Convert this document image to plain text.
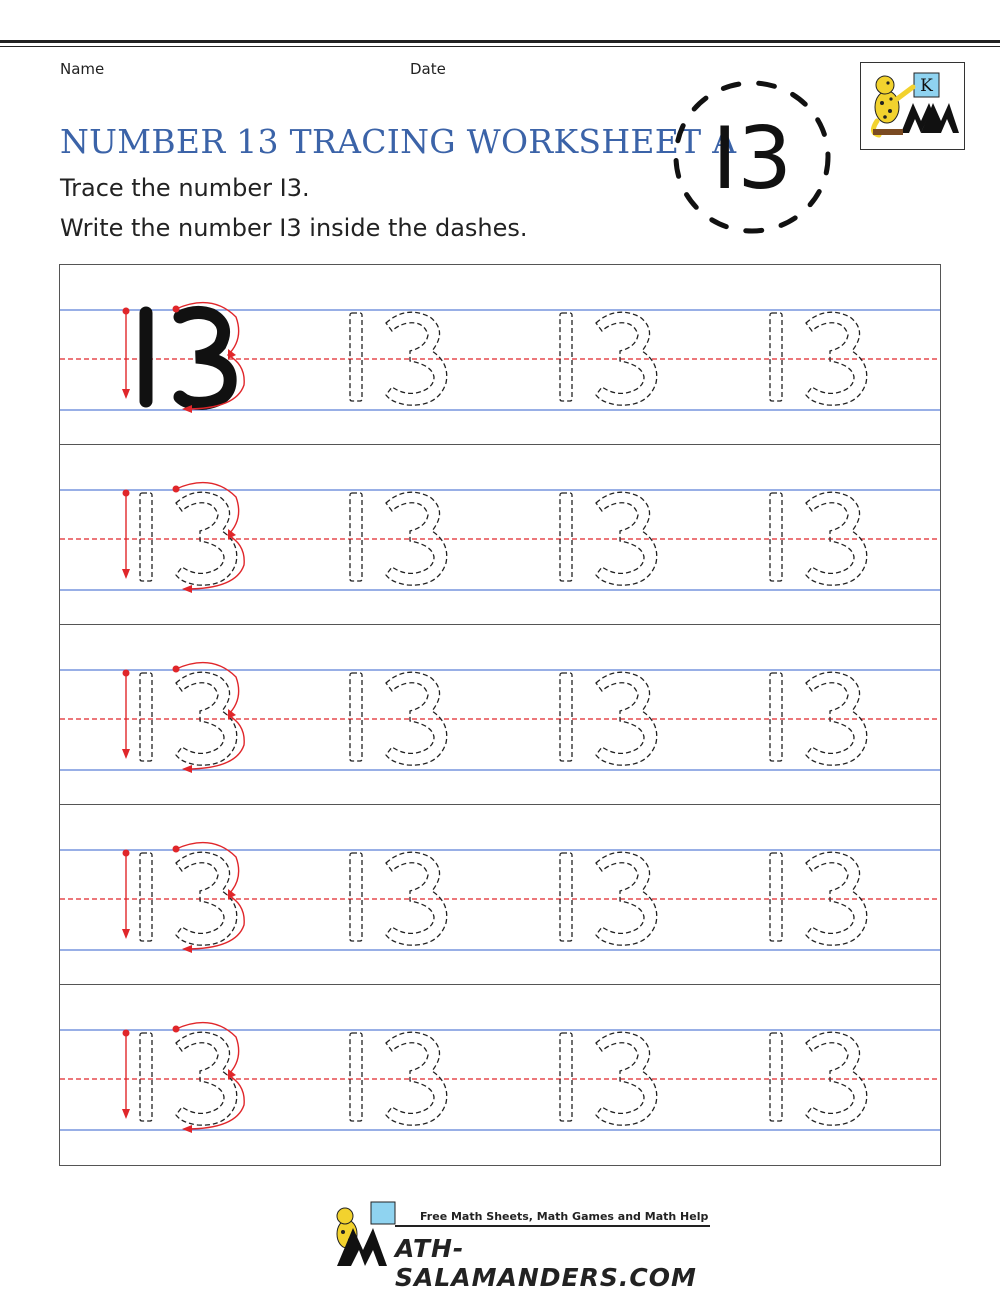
Name	Date
NUMBER 13 TRACING WORKSHEET A
Trace the number I3.
Write the number I3 inside the dashes.
I3
K
Free Math Sheets, Math Games and Math Help
ATH-SALAMANDERS.COM
